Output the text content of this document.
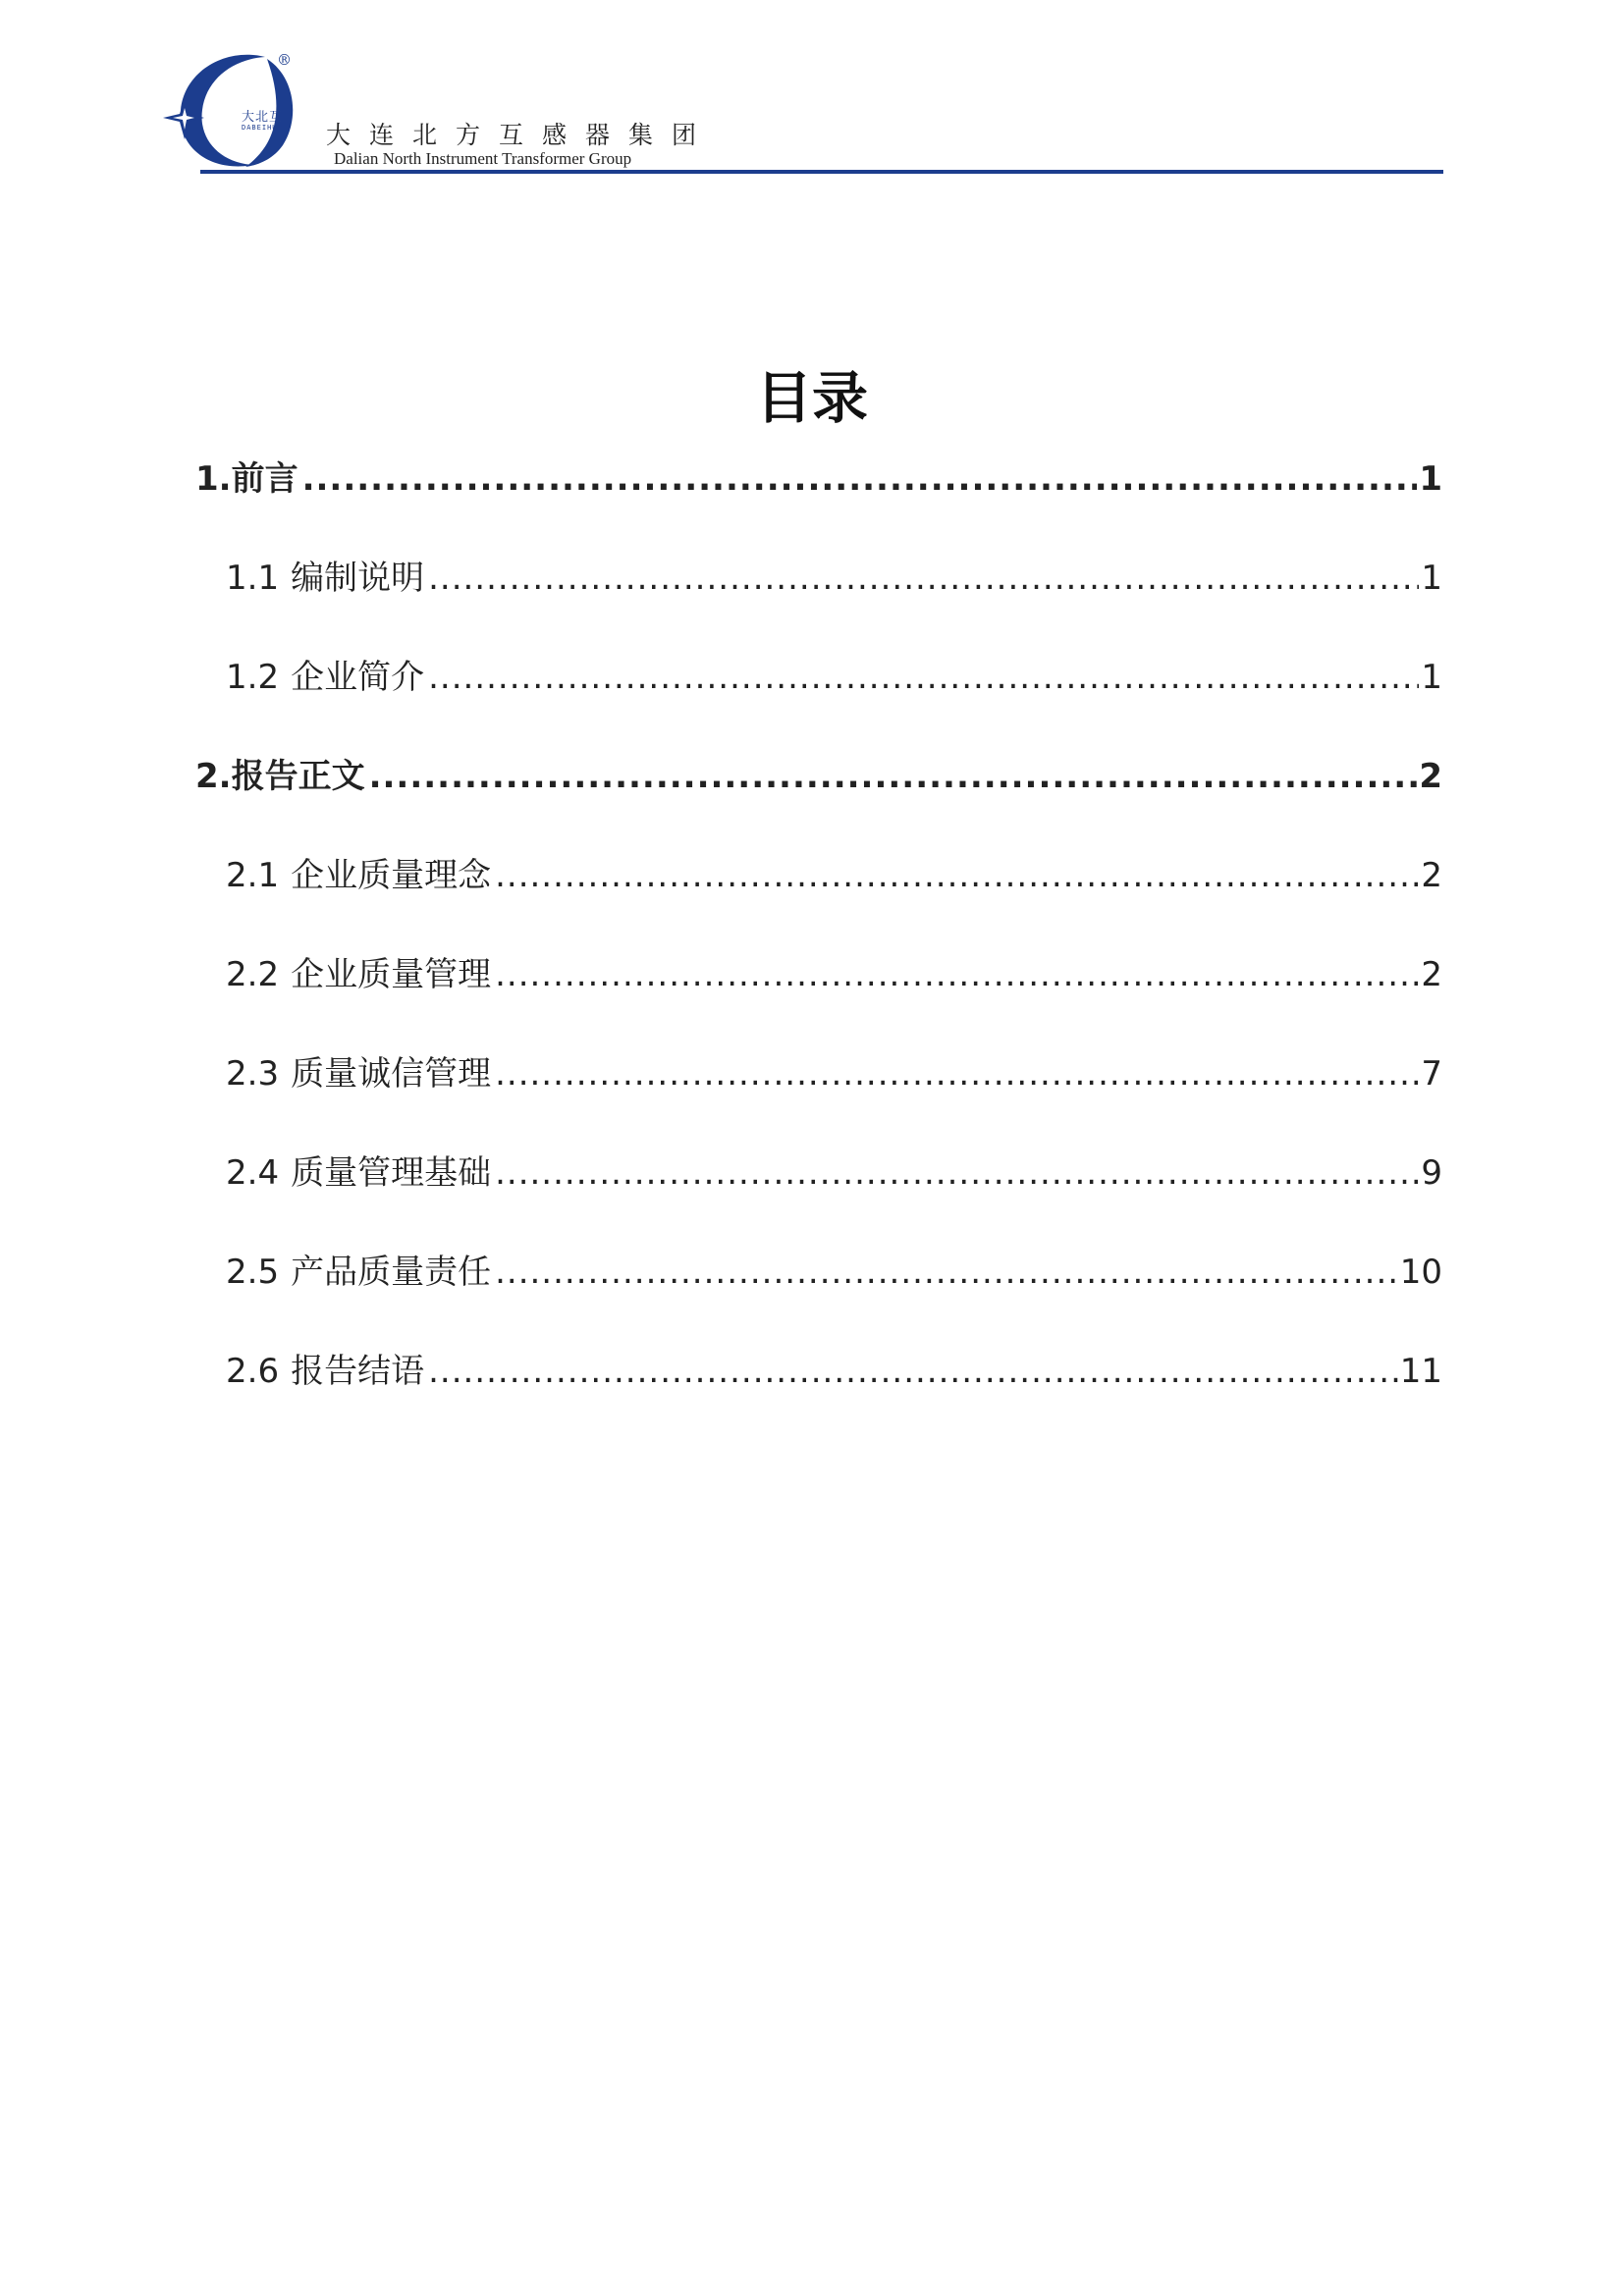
®
大北互
DABEIHU 大连北方互感器集团
Dalian North Instrument Transformer Group
目录
1. 前言 .....	1
1.1 编制说明 .....	1
1.2 企业简介 .....	1
2. 报告正文 .....	2
2.1 企业质量理念 .....	2
2.2 企业质量管理 .....	2
2.3 质量诚信管理 .....	7
2.4 质量管理基础 .....	9
2.5 产品质量责任 .....	10
2.6 报告结语 .....	11
